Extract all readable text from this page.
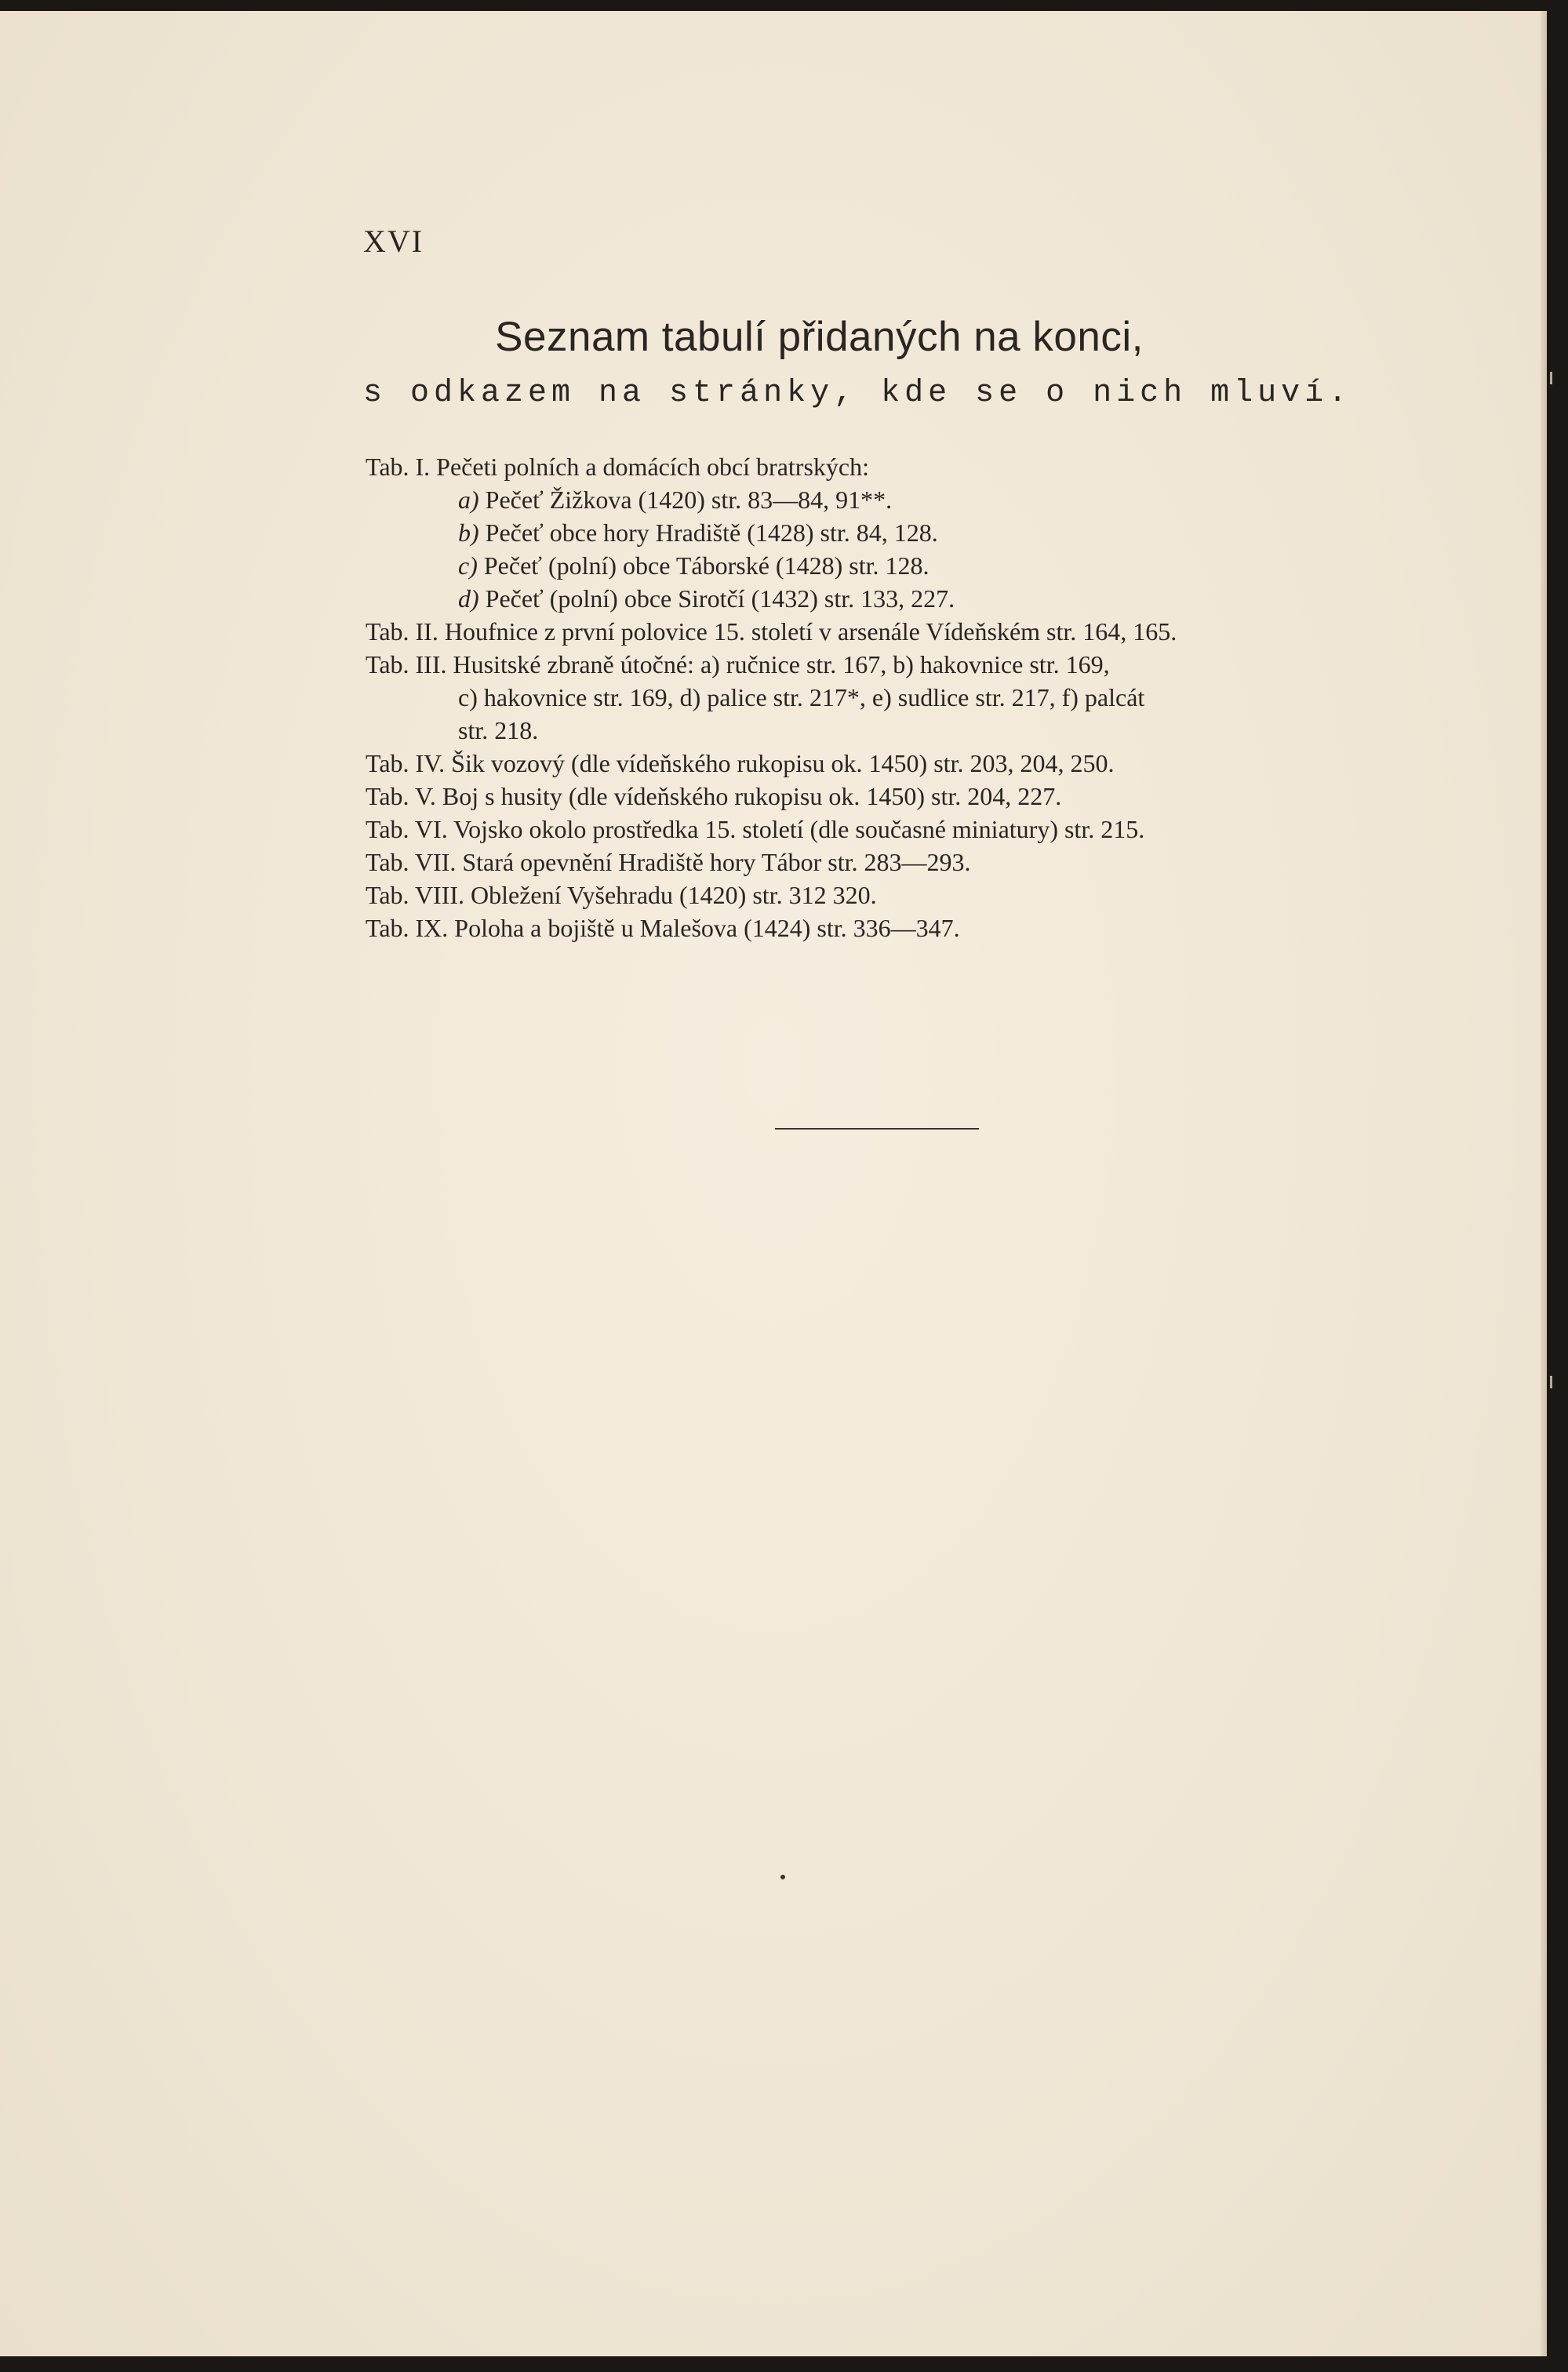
XVI
Seznam tabulí přidaných na konci,
s odkazem na stránky, kde se o nich mluví.
Tab. I. Pečeti polních a domácích obcí bratrských:
a) Pečeť Žižkova (1420) str. 83—84, 91**.
b) Pečeť obce hory Hradiště (1428) str. 84, 128.
c) Pečeť (polní) obce Táborské (1428) str. 128.
d) Pečeť (polní) obce Sirotčí (1432) str. 133, 227.
Tab. II. Houfnice z první polovice 15. století v arsenále Vídeňském str. 164, 165.
Tab. III. Husitské zbraně útočné: a) ručnice str. 167, b) hakovnice str. 169,
c) hakovnice str. 169, d) palice str. 217*, e) sudlice str. 217, f) palcát
str. 218.
Tab. IV. Šik vozový (dle vídeňského rukopisu ok. 1450) str. 203, 204, 250.
Tab. V. Boj s husity (dle vídeňského rukopisu ok. 1450) str. 204, 227.
Tab. VI. Vojsko okolo prostředka 15. století (dle současné miniatury) str. 215.
Tab. VII. Stará opevnění Hradiště hory Tábor str. 283—293.
Tab. VIII. Obležení Vyšehradu (1420) str. 312 320.
Tab. IX. Poloha a bojiště u Malešova (1424) str. 336—347.
